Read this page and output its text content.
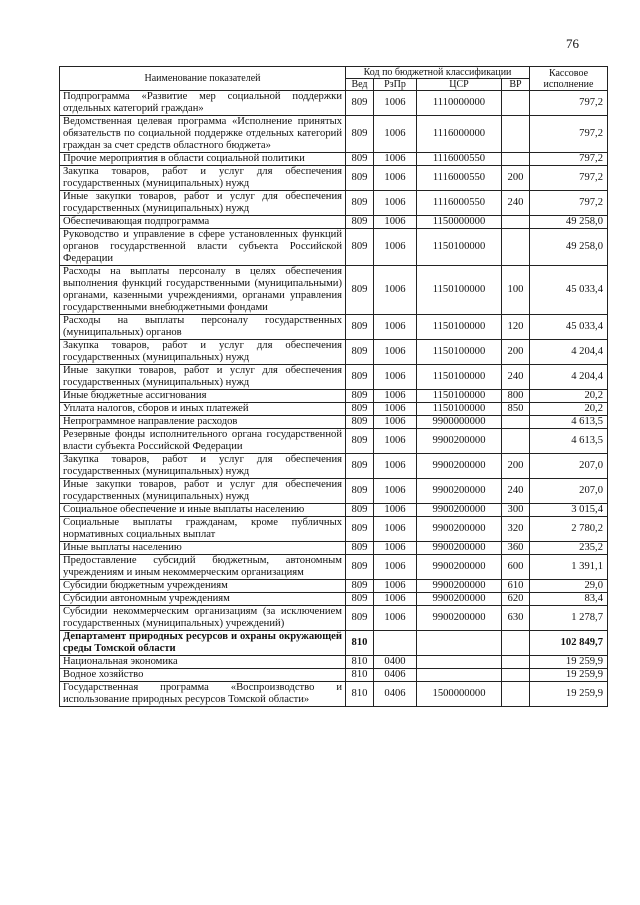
76
Наименование показателей	Код по бюджетной классификации				Кассовое исполнение
	Вед	РзПр	ЦСР	ВР	
Подпрограмма «Развитие мер социальной поддержки отдельных категорий граждан»	809	1006	1110000000		797,2
Ведомственная целевая программа «Исполнение принятых обязательств по социальной поддержке отдельных категорий граждан за счет средств областного бюджета»	809	1006	1116000000		797,2
Прочие мероприятия в области социальной политики	809	1006	1116000550		797,2
Закупка товаров, работ и услуг для обеспечения государственных (муниципальных) нужд	809	1006	1116000550	200	797,2
Иные закупки товаров, работ и услуг для обеспечения государственных (муниципальных) нужд	809	1006	1116000550	240	797,2
Обеспечивающая подпрограмма	809	1006	1150000000		49 258,0
Руководство и управление в сфере установленных функций органов государственной власти субъекта Российской Федерации	809	1006	1150100000		49 258,0
Расходы на выплаты персоналу в целях обеспечения выполнения функций государственными (муниципальными) органами, казенными учреждениями, органами управления государственными внебюджетными фондами	809	1006	1150100000	100	45 033,4
Расходы на выплаты персоналу государственных (муниципальных) органов	809	1006	1150100000	120	45 033,4
Закупка товаров, работ и услуг для обеспечения государственных (муниципальных) нужд	809	1006	1150100000	200	4 204,4
Иные закупки товаров, работ и услуг для обеспечения государственных (муниципальных) нужд	809	1006	1150100000	240	4 204,4
Иные бюджетные ассигнования	809	1006	1150100000	800	20,2
Уплата налогов, сборов и иных платежей	809	1006	1150100000	850	20,2
Непрограммное направление расходов	809	1006	9900000000		4 613,5
Резервные фонды исполнительного органа государственной власти субъекта Российской Федерации	809	1006	9900200000		4 613,5
Закупка товаров, работ и услуг для обеспечения государственных (муниципальных) нужд	809	1006	9900200000	200	207,0
Иные закупки товаров, работ и услуг для обеспечения государственных (муниципальных) нужд	809	1006	9900200000	240	207,0
Социальное обеспечение и иные выплаты населению	809	1006	9900200000	300	3 015,4
Социальные выплаты гражданам, кроме публичных нормативных социальных выплат	809	1006	9900200000	320	2 780,2
Иные выплаты населению	809	1006	9900200000	360	235,2
Предоставление субсидий бюджетным, автономным учреждениям и иным некоммерческим организациям	809	1006	9900200000	600	1 391,1
Субсидии бюджетным учреждениям	809	1006	9900200000	610	29,0
Субсидии автономным учреждениям	809	1006	9900200000	620	83,4
Субсидии некоммерческим организациям (за исключением государственных (муниципальных) учреждений)	809	1006	9900200000	630	1 278,7
Департамент природных ресурсов и охраны окружающей среды Томской области	810				102 849,7
Национальная экономика	810	0400			19 259,9
Водное хозяйство	810	0406			19 259,9
Государственная программа «Воспроизводство и использование природных ресурсов Томской области»	810	0406	1500000000		19 259,9
